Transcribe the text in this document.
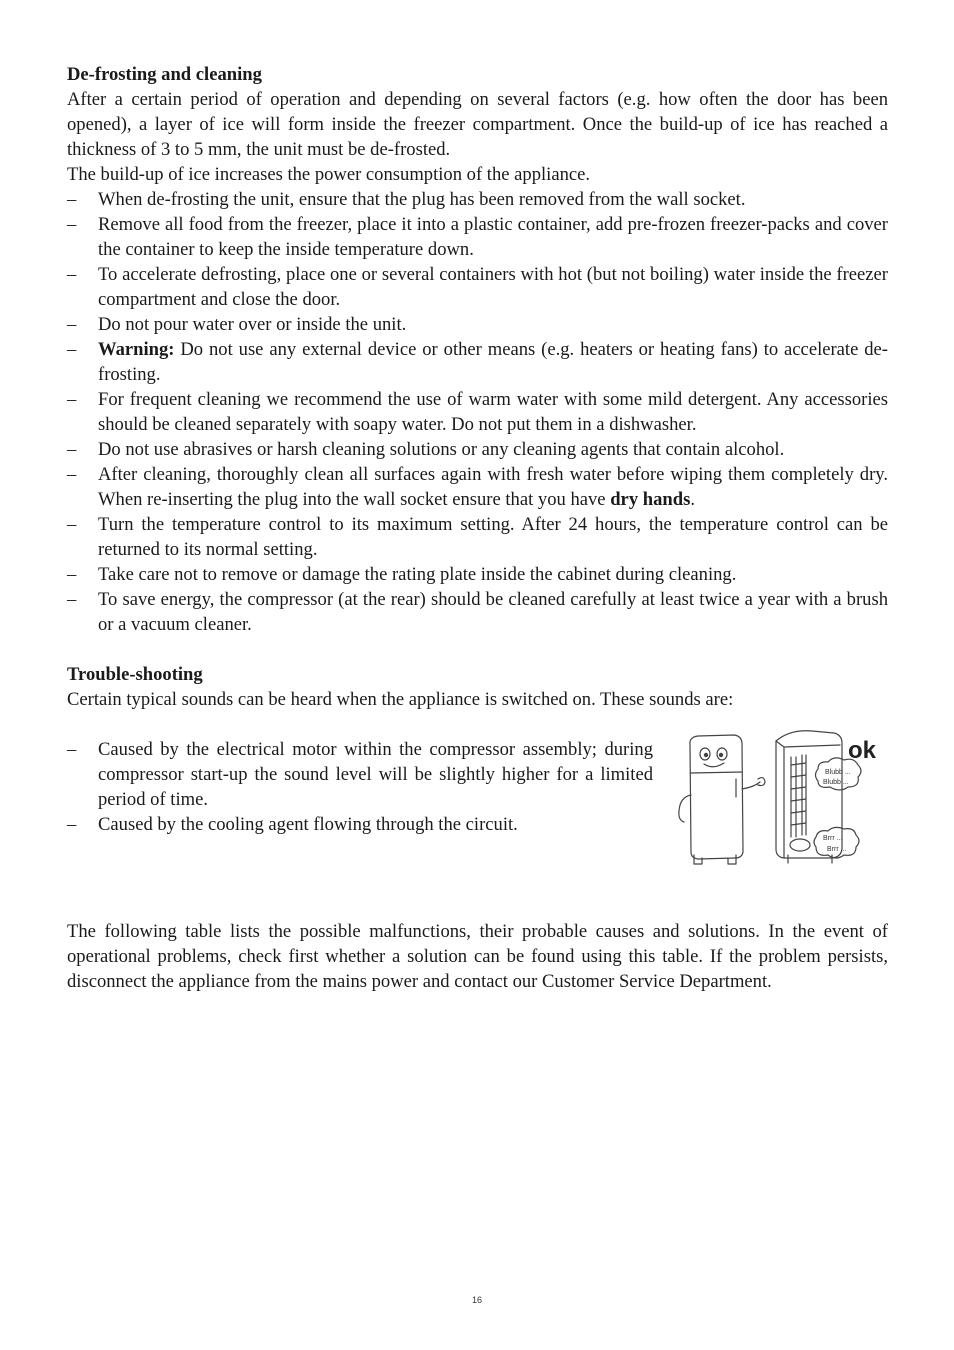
De-frosting and cleaning

After a certain period of operation and depending on several factors (e.g. how often the door has been opened), a layer of ice will form inside the freezer compartment. Once the build-up of ice has reached a thickness of 3 to 5 mm, the unit must be de-frosted.

The build-up of ice increases the power consumption of the appliance.

– When de-frosting the unit, ensure that the plug has been removed from the wall socket.
– Remove all food from the freezer, place it into a plastic container, add pre-frozen freezer-packs and cover the container to keep the inside temperature down.
– To accelerate defrosting, place one or several containers with hot (but not boiling) water inside the freezer compartment and close the door.
– Do not pour water over or inside the unit.
– Warning: Do not use any external device or other means (e.g. heaters or heating fans) to accelerate de-frosting.
– For frequent cleaning we recommend the use of warm water with some mild detergent. Any accessories should be cleaned separately with soapy water. Do not put them in a dishwasher.
– Do not use abrasives or harsh cleaning solutions or any cleaning agents that contain alcohol.
– After cleaning, thoroughly clean all surfaces again with fresh water before wiping them completely dry. When re-inserting the plug into the wall socket ensure that you have dry hands.
– Turn the temperature control to its maximum setting. After 24 hours, the temperature control can be returned to its normal setting.
– Take care not to remove or damage the rating plate inside the cabinet during cleaning.
– To save energy, the compressor (at the rear) should be cleaned carefully at least twice a year with a brush or a vacuum cleaner.

Trouble-shooting

Certain typical sounds can be heard when the appliance is switched on. These sounds are:

– Caused by the electrical motor within the compressor assembly; during compressor start-up the sound level will be slightly higher for a limited period of time.
– Caused by the cooling agent flowing through the circuit.
ok
Blubb ...
Blubb ...
Brrr ...
Brrr ...

The following table lists the possible malfunctions, their probable causes and solutions. In the event of operational problems, check first whether a solution can be found using this table. If the problem persists, disconnect the appliance from the mains power and contact our Customer Service Department.

16
